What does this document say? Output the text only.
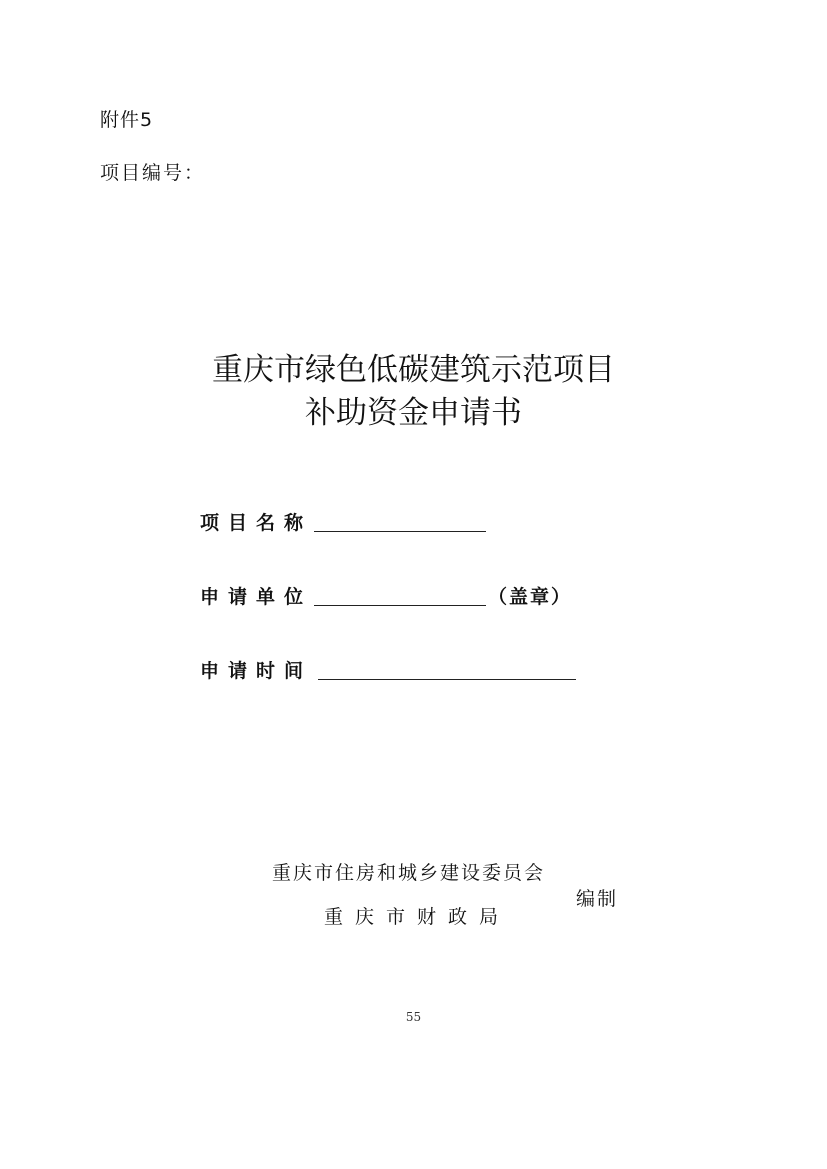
附件5
项目编号：
重庆市绿色低碳建筑示范项目
补助资金申请书
项目名称
申请单位	（盖章）
申请时间
重庆市住房和城乡建设委员会
重庆市财政局
编制
55
